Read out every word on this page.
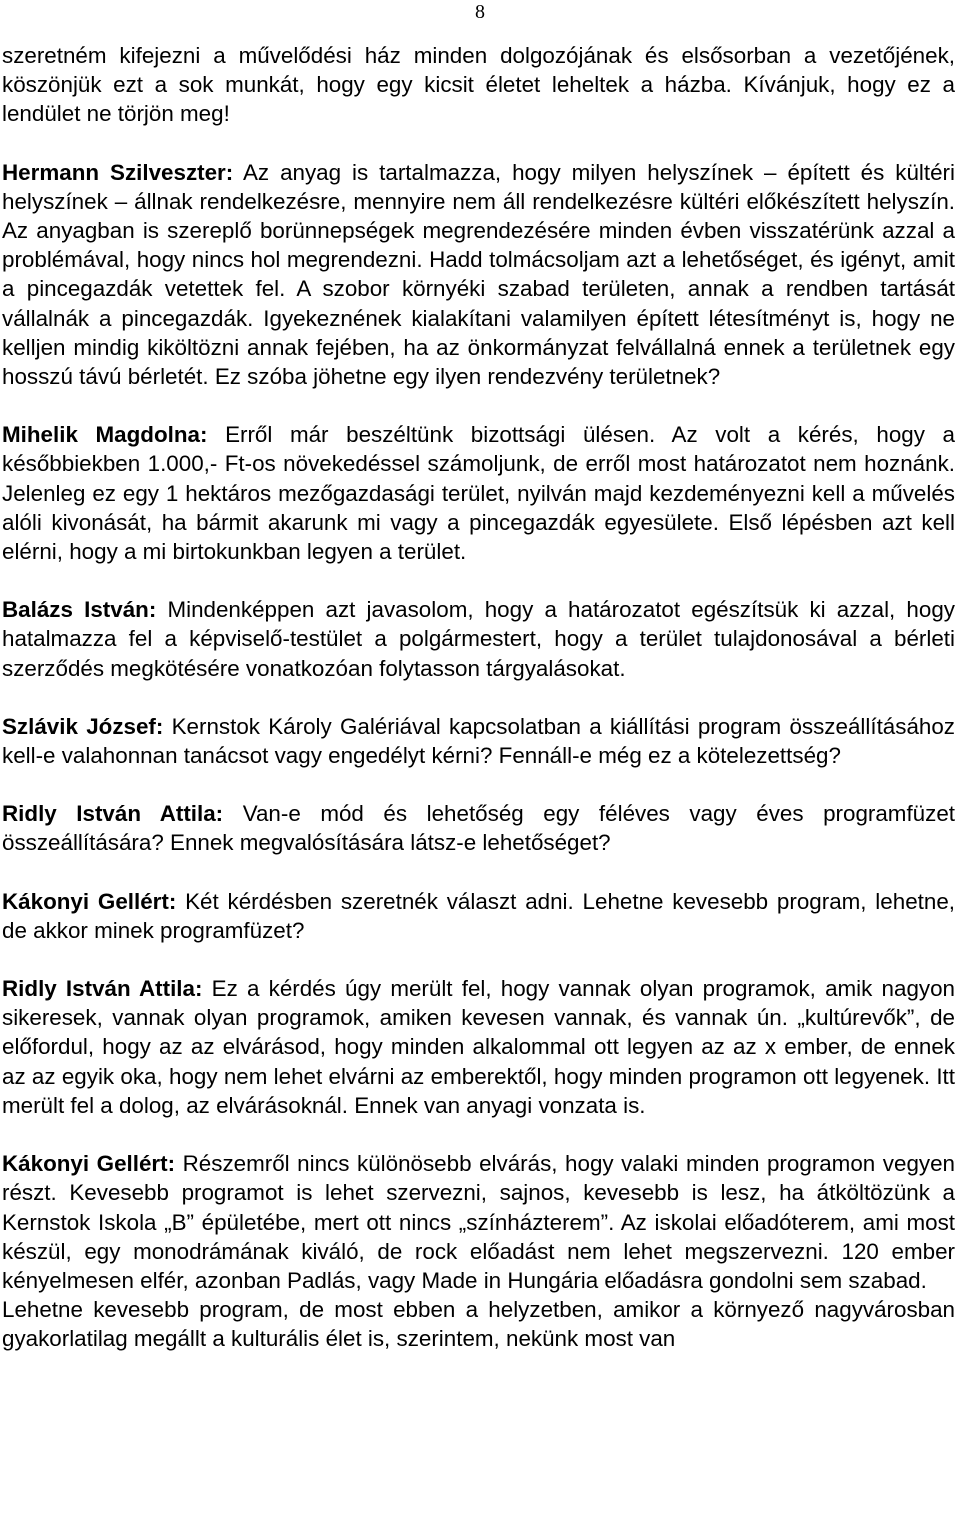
8

szeretném kifejezni a művelődési ház minden dolgozójának és elsősorban a vezetőjének, köszönjük ezt a sok munkát, hogy egy kicsit életet leheltek a házba. Kívánjuk, hogy ez a lendület ne törjön meg!

Hermann Szilveszter: Az anyag is tartalmazza, hogy milyen helyszínek – épített és kültéri helyszínek – állnak rendelkezésre, mennyire nem áll rendelkezésre kültéri előkészített helyszín. Az anyagban is szereplő borünnepségek megrendezésére minden évben visszatérünk azzal a problémával, hogy nincs hol megrendezni. Hadd tolmácsoljam azt a lehetőséget, és igényt, amit a pincegazdák vetettek fel. A szobor környéki szabad területen, annak a rendben tartását vállalnák a pincegazdák. Igyekeznének kialakítani valamilyen épített létesítményt is, hogy ne kelljen mindig kiköltözni annak fejében, ha az önkormányzat felvállalná ennek a területnek egy hosszú távú bérletét. Ez szóba jöhetne egy ilyen rendezvény területnek?

Mihelik Magdolna: Erről már beszéltünk bizottsági ülésen. Az volt a kérés, hogy a későbbiekben 1.000,- Ft-os növekedéssel számoljunk, de erről most határozatot nem hoznánk. Jelenleg ez egy 1 hektáros mezőgazdasági terület, nyilván majd kezdeményezni kell a művelés alóli kivonását, ha bármit akarunk mi vagy a pincegazdák egyesülete. Első lépésben azt kell elérni, hogy a mi birtokunkban legyen a terület.

Balázs István: Mindenképpen azt javasolom, hogy a határozatot egészítsük ki azzal, hogy hatalmazza fel a képviselő-testület a polgármestert, hogy a terület tulajdonosával a bérleti szerződés megkötésére vonatkozóan folytasson tárgyalásokat.

Szlávik József: Kernstok Károly Galériával kapcsolatban a kiállítási program összeállításához kell-e valahonnan tanácsot vagy engedélyt kérni? Fennáll-e még ez a kötelezettség?

Ridly István Attila: Van-e mód és lehetőség egy féléves vagy éves programfüzet összeállítására? Ennek megvalósítására látsz-e lehetőséget?

Kákonyi Gellért: Két kérdésben szeretnék választ adni. Lehetne kevesebb program, lehetne, de akkor minek programfüzet?

Ridly István Attila: Ez a kérdés úgy merült fel, hogy vannak olyan programok, amik nagyon sikeresek, vannak olyan programok, amiken kevesen vannak, és vannak ún. „kultúrevők”, de előfordul, hogy az az elvárásod, hogy minden alkalommal ott legyen az az x ember, de ennek az az egyik oka, hogy nem lehet elvárni az emberektől, hogy minden programon ott legyenek. Itt merült fel a dolog, az elvárásoknál. Ennek van anyagi vonzata is.

Kákonyi Gellért: Részemről nincs különösebb elvárás, hogy valaki minden programon vegyen részt. Kevesebb programot is lehet szervezni, sajnos, kevesebb is lesz, ha átköltözünk a Kernstok Iskola „B” épületébe, mert ott nincs „színházterem”. Az iskolai előadóterem, ami most készül, egy monodrámának kiváló, de rock előadást nem lehet megszervezni. 120 ember kényelmesen elfér, azonban Padlás, vagy Made in Hungária előadásra gondolni sem szabad.

Lehetne kevesebb program, de most ebben a helyzetben, amikor a környező nagyvárosban gyakorlatilag megállt a kulturális élet is, szerintem, nekünk most van
